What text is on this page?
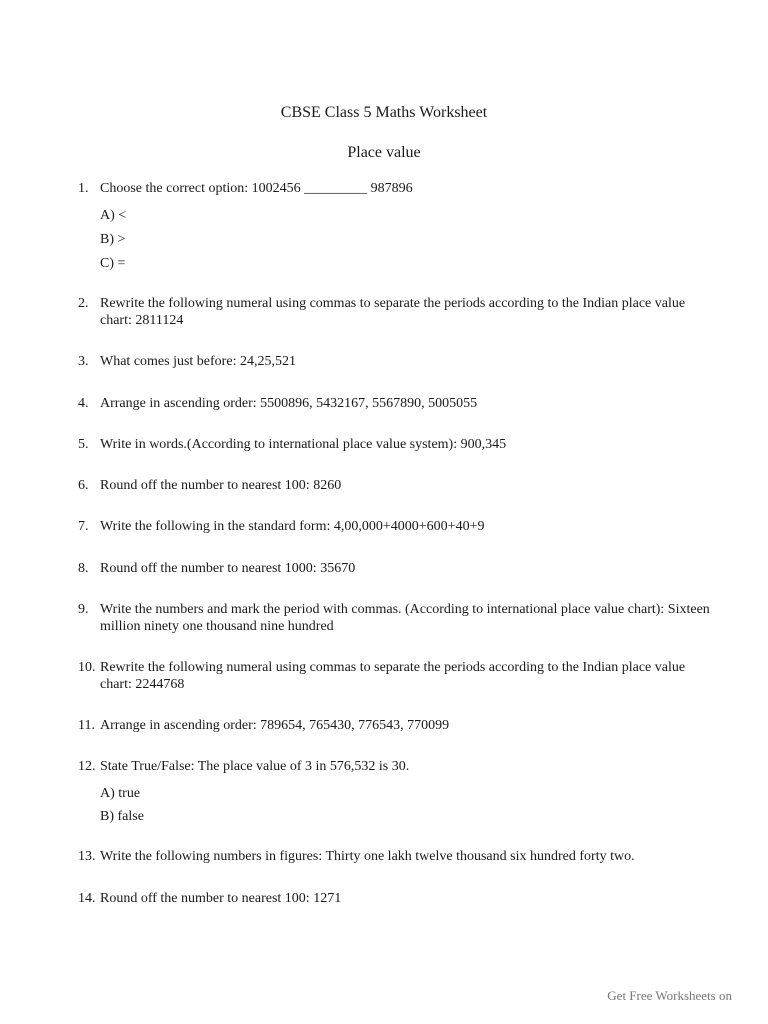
CBSE Class 5 Maths Worksheet
Place value
1. Choose the correct option: 1002456 _________ 987896
A) <
B) >
C) =
2. Rewrite the following numeral using commas to separate the periods according to the Indian place value chart: 2811124
3. What comes just before: 24,25,521
4. Arrange in ascending order: 5500896, 5432167, 5567890, 5005055
5. Write in words.(According to international place value system): 900,345
6. Round off the number to nearest 100: 8260
7. Write the following in the standard form: 4,00,000+4000+600+40+9
8. Round off the number to nearest 1000: 35670
9. Write the numbers and mark the period with commas. (According to international place value chart): Sixteen million ninety one thousand nine hundred
10. Rewrite the following numeral using commas to separate the periods according to the Indian place value chart: 2244768
11. Arrange in ascending order: 789654, 765430, 776543, 770099
12. State True/False: The place value of 3 in 576,532 is 30.
A) true
B) false
13. Write the following numbers in figures: Thirty one lakh twelve thousand six hundred forty two.
14. Round off the number to nearest 100: 1271
Get Free Worksheets on
